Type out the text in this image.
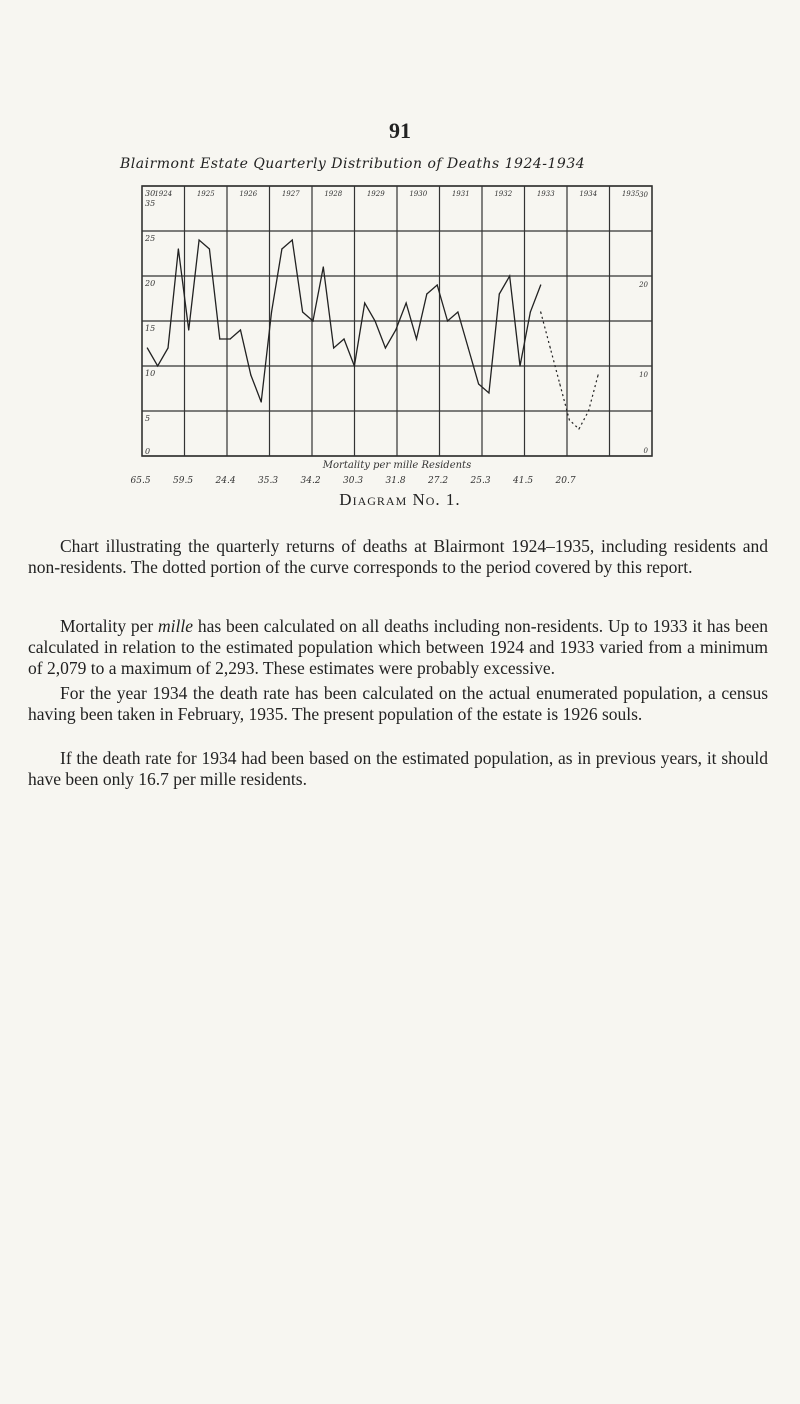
91
Blairmont Estate Quarterly Distribution of Deaths 1924-1934
1924	1925	1926	1927	1928	1929	1930	1931	1932	1933	1934	1935
35
30
25
20
15
10
5
0
30
20
10
0
Mortality per mille Residents
65.5 59.5 24.4 35.3 34.2 30.3 31.8 27.2 25.3 41.5 20.7
Diagram No. 1.

Chart illustrating the quarterly returns of deaths at Blairmont 1924–1935, including residents and non-residents. The dotted portion of the curve corresponds to the period covered by this report.

Mortality per mille has been calculated on all deaths including non-residents. Up to 1933 it has been calculated in relation to the estimated population which between 1924 and 1933 varied from a minimum of 2,079 to a maximum of 2,293. These estimates were probably excessive.

For the year 1934 the death rate has been calculated on the actual enumerated population, a census having been taken in February, 1935. The present population of the estate is 1926 souls.

If the death rate for 1934 had been based on the estimated population, as in previous years, it should have been only 16.7 per mille residents.
